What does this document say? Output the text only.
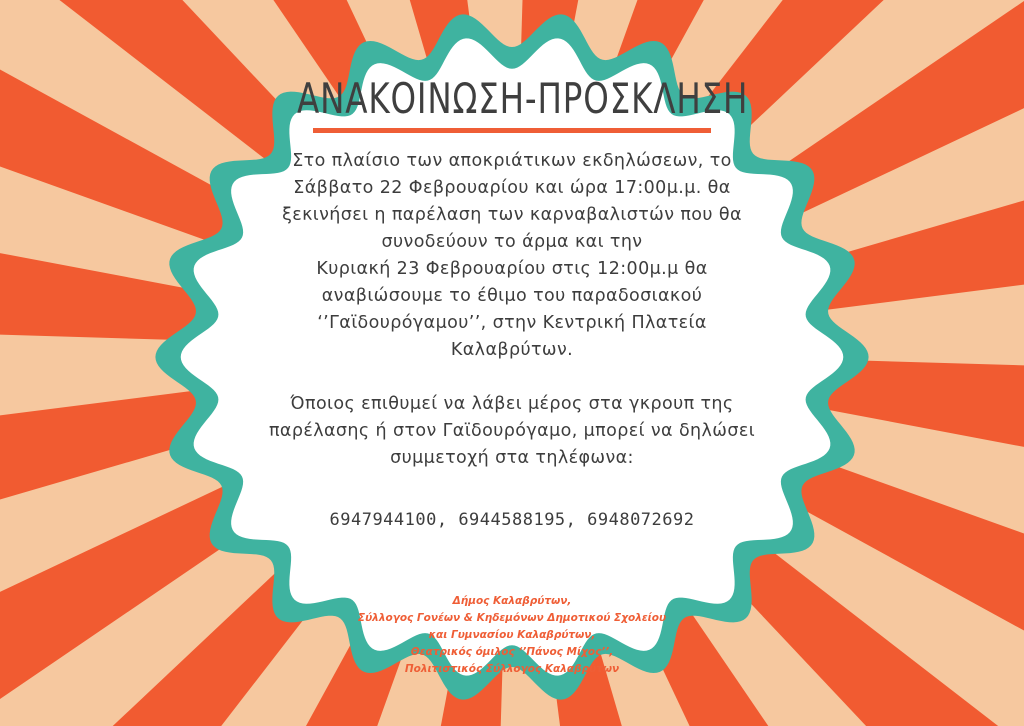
ΑΝΑΚΟΙΝΩΣΗ-ΠΡΟΣΚΛΗΣΗ
Στο πλαίσιο των αποκριάτικων εκδηλώσεων, το
Σάββατο 22 Φεβρουαρίου και ώρα 17:00μ.μ. θα
ξεκινήσει η παρέλαση των καρναβαλιστών που θα
συνοδεύουν το άρμα και την
Κυριακή 23 Φεβρουαρίου στις 12:00μ.μ θα
αναβιώσουμε το έθιμο του παραδοσιακού
‘’Γαϊδουρόγαμου’’, στην Κεντρική Πλατεία
Καλαβρύτων.
Όποιος επιθυμεί να λάβει μέρος στα γκρουπ της
παρέλασης ή στον Γαϊδουρόγαμο, μπορεί να δηλώσει
συμμετοχή στα τηλέφωνα:
6947944100, 6944588195, 6948072692
Δήμος Καλαβρύτων,
Σύλλογος Γονέων & Κηδεμόνων Δημοτικού Σχολείου
και Γυμνασίου Καλαβρύτων,
Θεατρικός όμιλος ‘’Πάνος Μίχος’’,
Πολιτιστικός Σύλλογος Καλαβρύτων
